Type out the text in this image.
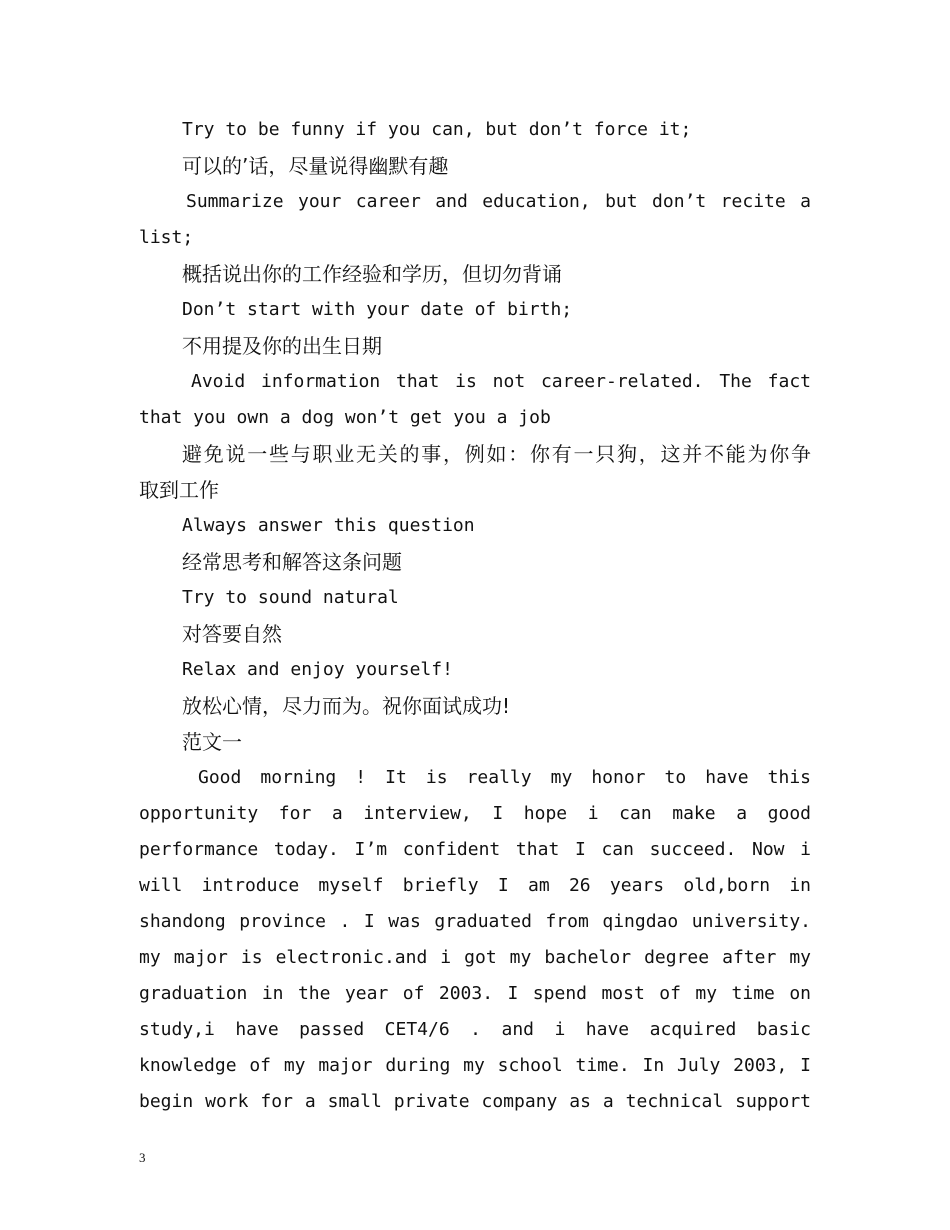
Try to be funny if you can, but don’t force it;
可以的’话，尽量说得幽默有趣
Summarize your career and education, but don’t recite a
list;
概括说出你的工作经验和学历，但切勿背诵
Don’t start with your date of birth;
不用提及你的出生日期
Avoid information that is not career-related. The fact
that you own a dog won’t get you a job
避免说一些与职业无关的事，例如：你有一只狗，这并不能为你争
取到工作
Always answer this question
经常思考和解答这条问题
Try to sound natural
对答要自然
Relax and enjoy yourself!
放松心情，尽力而为。祝你面试成功!
范文一
Good morning ! It is really my honor to have this
opportunity for a interview, I hope i can make a good
performance today. I’m confident that I can succeed. Now i
will introduce myself briefly I am 26 years old,born in
shandong province . I was graduated from qingdao university.
my major is electronic.and i got my bachelor degree after my
graduation in the year of 2003. I spend most of my time on
study,i have passed CET4/6 . and i have acquired basic
knowledge of my major during my school time. In July 2003, I
begin work for a small private company as a technical support
3
